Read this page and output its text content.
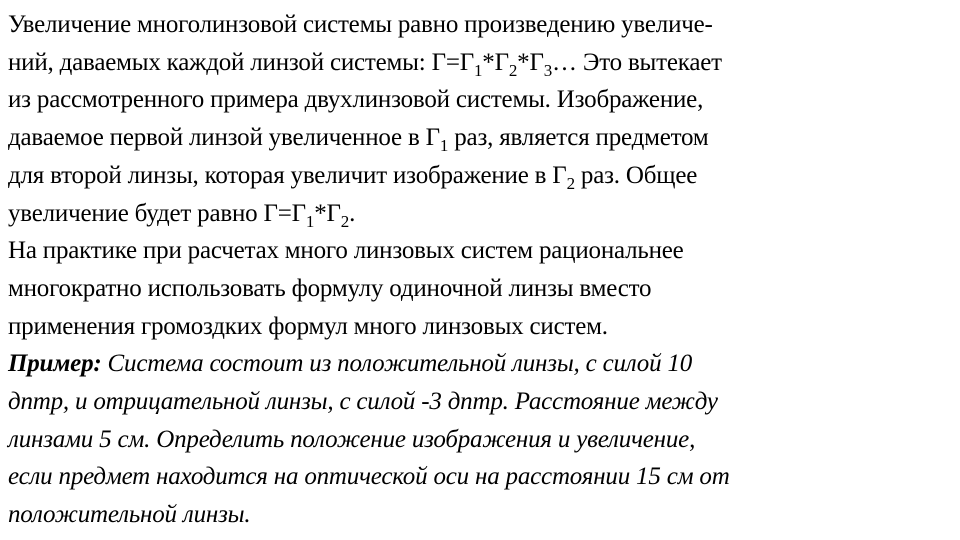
Увеличение многолинзовой системы равно произведению увеличе-
ний, даваемых каждой линзой системы: $Г=Г_1*Г_2*Г_3\dots$ Это вытекает
из рассмотренного примера двухлинзовой системы. Изображение,
даваемое первой линзой увеличенное в $Г_1$ раз, является предметом
для второй линзы, которая увеличит изображение в $Г_2$ раз. Общее
увеличение будет равно $Г=Г_1*Г_2$.
На практике при расчетах много линзовых систем рациональнее
многократно использовать формулу одиночной линзы вместо
применения громоздких формул много линзовых систем.
Пример: Система состоит из положительной линзы, с силой 10
дптр, и отрицательной линзы, с силой -3 дптр. Расстояние между
линзами 5 см. Определить положение изображения и увеличение,
если предмет находится на оптической оси на расстоянии 15 см от
положительной линзы.
